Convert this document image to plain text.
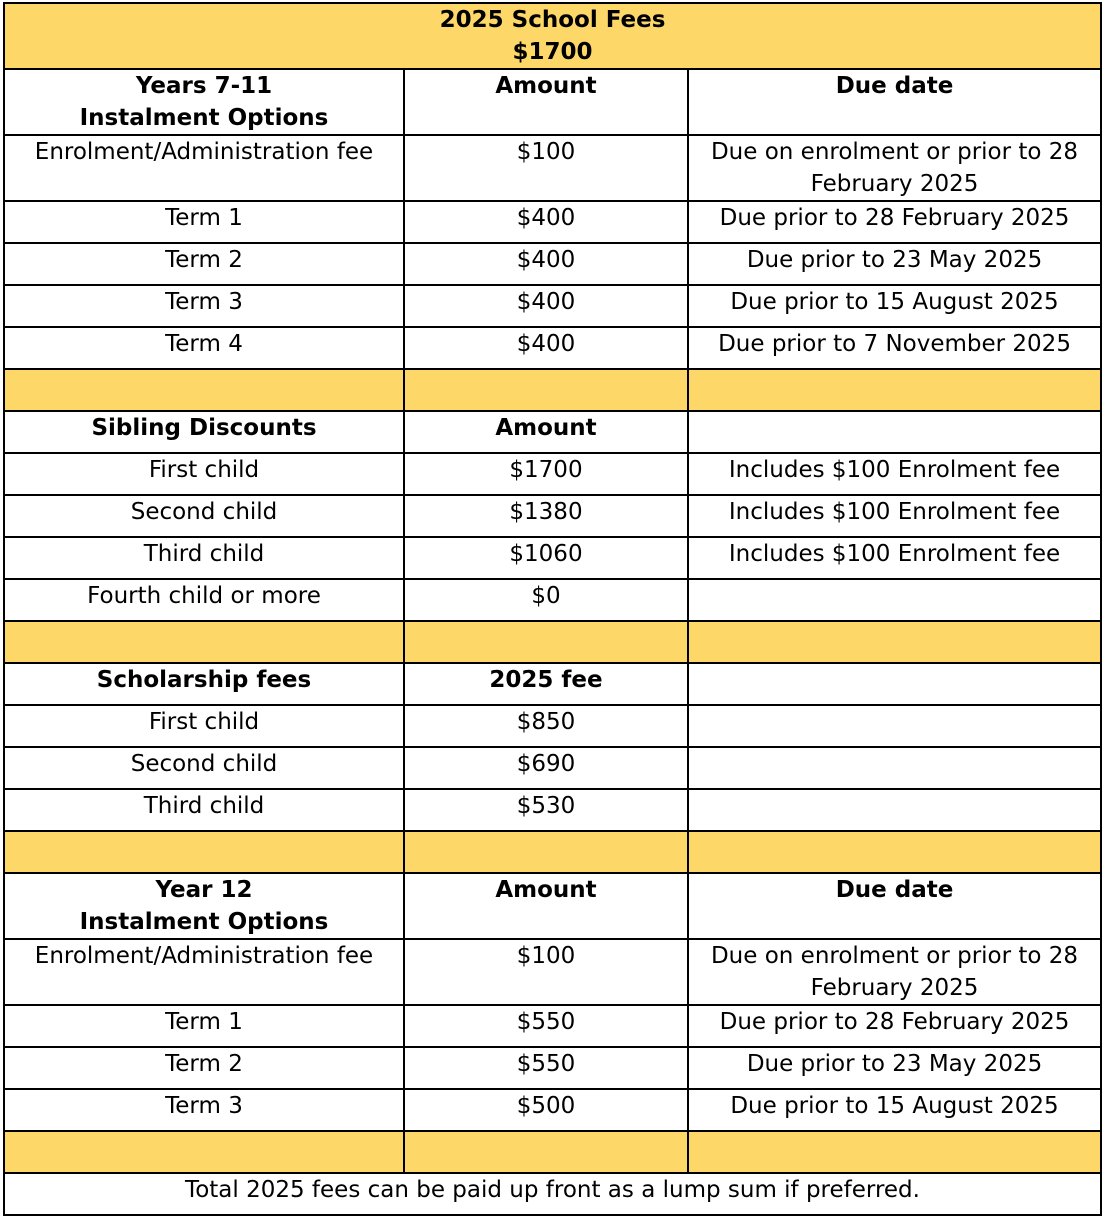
2025 School Fees
$1700		

Years 7-11
Instalment Options	Amount	Due date
Enrolment/Administration fee	$100	Due on enrolment or prior to 28 February 2025
Term 1	$400	Due prior to 28 February 2025
Term 2	$400	Due prior to 23 May 2025
Term 3	$400	Due prior to 15 August 2025
Term 4	$400	Due prior to 7 November 2025

Sibling Discounts	Amount	
First child	$1700	Includes $100 Enrolment fee
Second child	$1380	Includes $100 Enrolment fee
Third child	$1060	Includes $100 Enrolment fee
Fourth child or more	$0	

Scholarship fees	2025 fee	
First child	$850	
Second child	$690	
Third child	$530	

Year 12
Instalment Options	Amount	Due date
Enrolment/Administration fee	$100	Due on enrolment or prior to 28 February 2025
Term 1	$550	Due prior to 28 February 2025
Term 2	$550	Due prior to 23 May 2025
Term 3	$500	Due prior to 15 August 2025

Total 2025 fees can be paid up front as a lump sum if preferred.		
